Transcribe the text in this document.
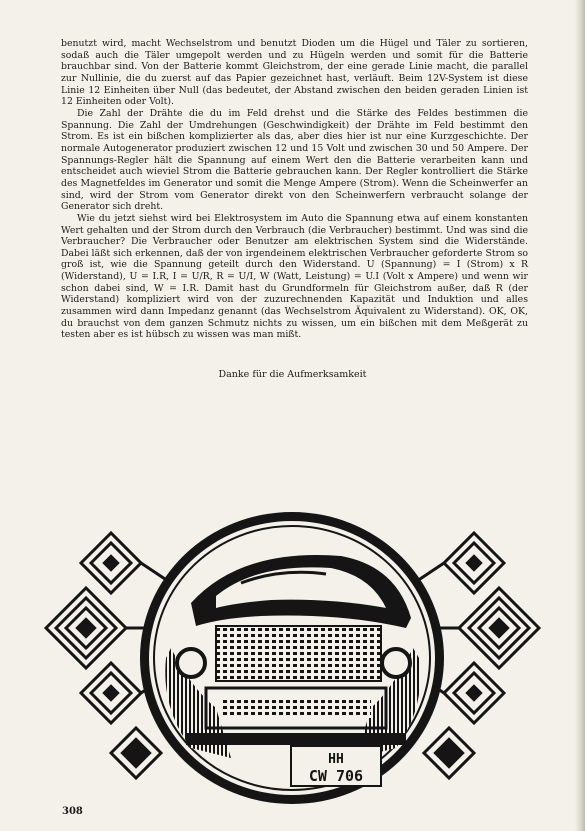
benutzt wird, macht Wechselstrom und benutzt Dioden um die Hügel und Täler zu sortieren, sodaß auch die Täler umgepolt werden und zu Hügeln werden und somit für die Batterie brauchbar sind. Von der Batterie kommt Gleichstrom, der eine gerade Linie macht, die parallel zur Nullinie, die du zuerst auf das Papier gezeichnet hast, verläuft. Beim 12V-System ist diese Linie 12 Einheiten über Null (das bedeutet, der Abstand zwischen den beiden geraden Linien ist 12 Einheiten oder Volt).

Die Zahl der Drähte die du im Feld drehst und die Stärke des Feldes bestimmen die Spannung. Die Zahl der Umdrehungen (Geschwindigkeit) der Drähte im Feld bestimmt den Strom. Es ist ein bißchen komplizierter als das, aber dies hier ist nur eine Kurzgeschichte. Der normale Autogenerator produziert zwischen 12 und 15 Volt und zwischen 30 und 50 Ampere. Der Spannungs-Regler hält die Spannung auf einem Wert den die Batterie verarbeiten kann und entscheidet auch wieviel Strom die Batterie gebrauchen kann. Der Regler kontrolliert die Stärke des Magnetfeldes im Generator und somit die Menge Ampere (Strom). Wenn die Scheinwerfer an sind, wird der Strom vom Generator direkt von den Scheinwerfern verbraucht solange der Generator sich dreht.

Wie du jetzt siehst wird bei Elektrosystem im Auto die Spannung etwa auf einem konstanten Wert gehalten und der Strom durch den Verbrauch (die Verbraucher) bestimmt. Und was sind die Verbraucher? Die Verbraucher oder Benutzer am elektrischen System sind die Widerstände. Dabei läßt sich erkennen, daß der von irgendeinem elektrischen Verbraucher geforderte Strom so groß ist, wie die Spannung geteilt durch den Widerstand. U (Spannung) = I (Strom) x R (Widerstand), U = I.R, I = U/R, R = U/I, W (Watt, Leistung) = U.I (Volt x Ampere) und wenn wir schon dabei sind, W = I.R. Damit hast du Grundformeln für Gleichstrom außer, daß R (der Widerstand) kompliziert wird von der zuzurechnenden Kapazität und Induktion und alles zusammen wird dann Impedanz genannt (das Wechselstrom Äquivalent zu Widerstand). OK, OK, du brauchst von dem ganzen Schmutz nichts zu wissen, um ein bißchen mit dem Meßgerät zu testen aber es ist hübsch zu wissen was man mißt.

Danke für die Aufmerksamkeit
HH
CW 706
308
